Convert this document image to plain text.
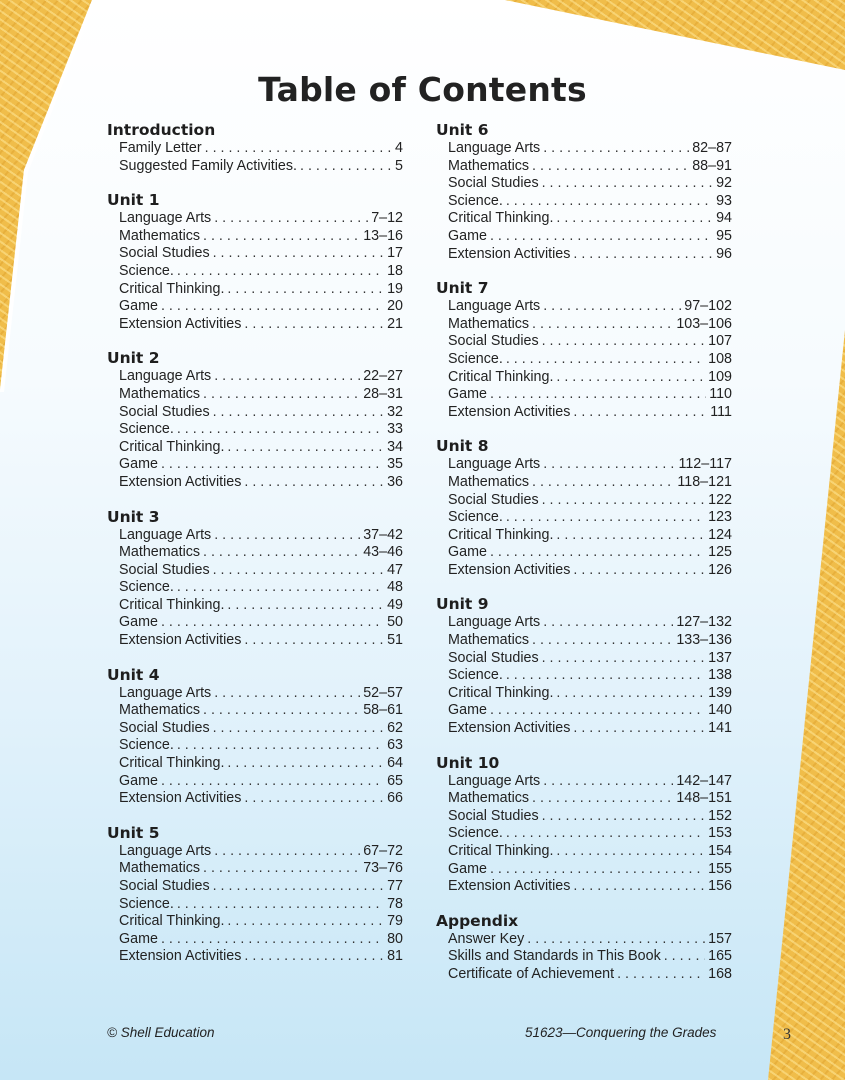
Table of Contents
Introduction
Family Letter . . .	4
Suggested Family Activities. . . .	5
Unit 1
Language Arts . . .	7–12
Mathematics . . .	13–16
Social Studies . . .	17
Science. . . .	18
Critical Thinking. . . .	19
Game . . .	20
Extension Activities . . .	21
Unit 2
Language Arts . . .	22–27
Mathematics . . .	28–31
Social Studies . . .	32
Science. . . .	33
Critical Thinking. . . .	34
Game . . .	35
Extension Activities . . .	36
Unit 3
Language Arts . . .	37–42
Mathematics . . .	43–46
Social Studies . . .	47
Science. . . .	48
Critical Thinking. . . .	49
Game . . .	50
Extension Activities . . .	51
Unit 4
Language Arts . . .	52–57
Mathematics . . .	58–61
Social Studies . . .	62
Science. . . .	63
Critical Thinking. . . .	64
Game . . .	65
Extension Activities . . .	66
Unit 5
Language Arts . . .	67–72
Mathematics . . .	73–76
Social Studies . . .	77
Science. . . .	78
Critical Thinking. . . .	79
Game . . .	80
Extension Activities . . .	81
Unit 6
Language Arts . . .	82–87
Mathematics . . .	88–91
Social Studies . . .	92
Science. . . .	93
Critical Thinking. . . .	94
Game . . .	95
Extension Activities . . .	96
Unit 7
Language Arts . . .	97–102
Mathematics . . .	103–106
Social Studies . . .	107
Science. . . .	108
Critical Thinking. . . .	109
Game . . .	110
Extension Activities . . .	111
Unit 8
Language Arts . . .	112–117
Mathematics . . .	118–121
Social Studies . . .	122
Science. . . .	123
Critical Thinking. . . .	124
Game . . .	125
Extension Activities . . .	126
Unit 9
Language Arts . . .	127–132
Mathematics . . .	133–136
Social Studies . . .	137
Science. . . .	138
Critical Thinking. . . .	139
Game . . .	140
Extension Activities . . .	141
Unit 10
Language Arts . . .	142–147
Mathematics . . .	148–151
Social Studies . . .	152
Science. . . .	153
Critical Thinking. . . .	154
Game . . .	155
Extension Activities . . .	156
Appendix
Answer Key . . .	157
Skills and Standards in This Book . . .	165
Certificate of Achievement . . .	168
© Shell Education	51623—Conquering the Grades	3
